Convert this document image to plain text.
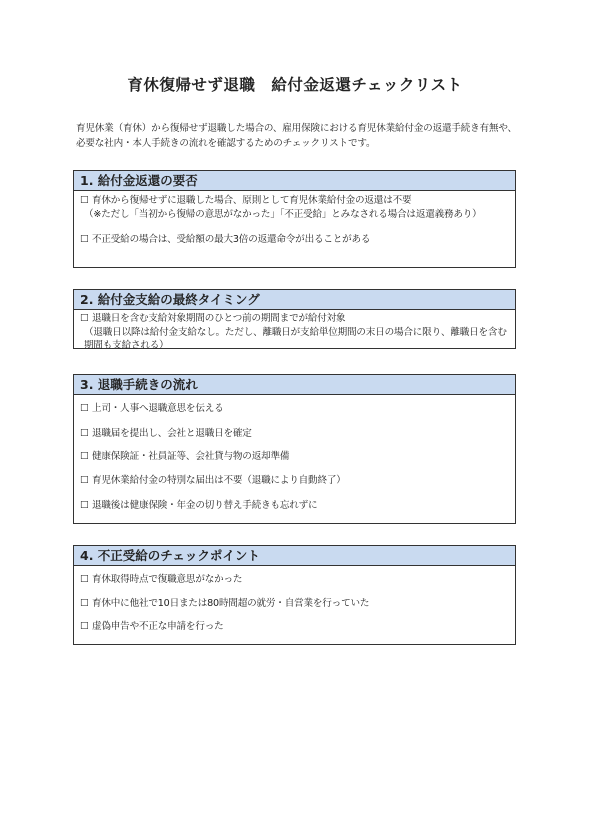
育休復帰せず退職　給付金返還チェックリスト
育児休業（育休）から復帰せず退職した場合の、雇用保険における育児休業給付金の返還手続き有無や、必要な社内・本人手続きの流れを確認するためのチェックリストです。
1. 給付金返還の要否
☐ 育休から復帰せずに退職した場合、原則として育児休業給付金の返還は不要
（※ただし「当初から復帰の意思がなかった」「不正受給」とみなされる場合は返還義務あり）
☐ 不正受給の場合は、受給額の最大3倍の返還命令が出ることがある
2. 給付金支給の最終タイミング
☐ 退職日を含む支給対象期間のひとつ前の期間までが給付対象
（退職日以降は給付金支給なし。ただし、離職日が支給単位期間の末日の場合に限り、離職日を含む期間も支給される）
3. 退職手続きの流れ
☐ 上司・人事へ退職意思を伝える
☐ 退職届を提出し、会社と退職日を確定
☐ 健康保険証・社員証等、会社貸与物の返却準備
☐ 育児休業給付金の特別な届出は不要（退職により自動終了）
☐ 退職後は健康保険・年金の切り替え手続きも忘れずに
4. 不正受給のチェックポイント
☐ 育休取得時点で復職意思がなかった
☐ 育休中に他社で10日または80時間超の就労・自営業を行っていた
☐ 虚偽申告や不正な申請を行った
